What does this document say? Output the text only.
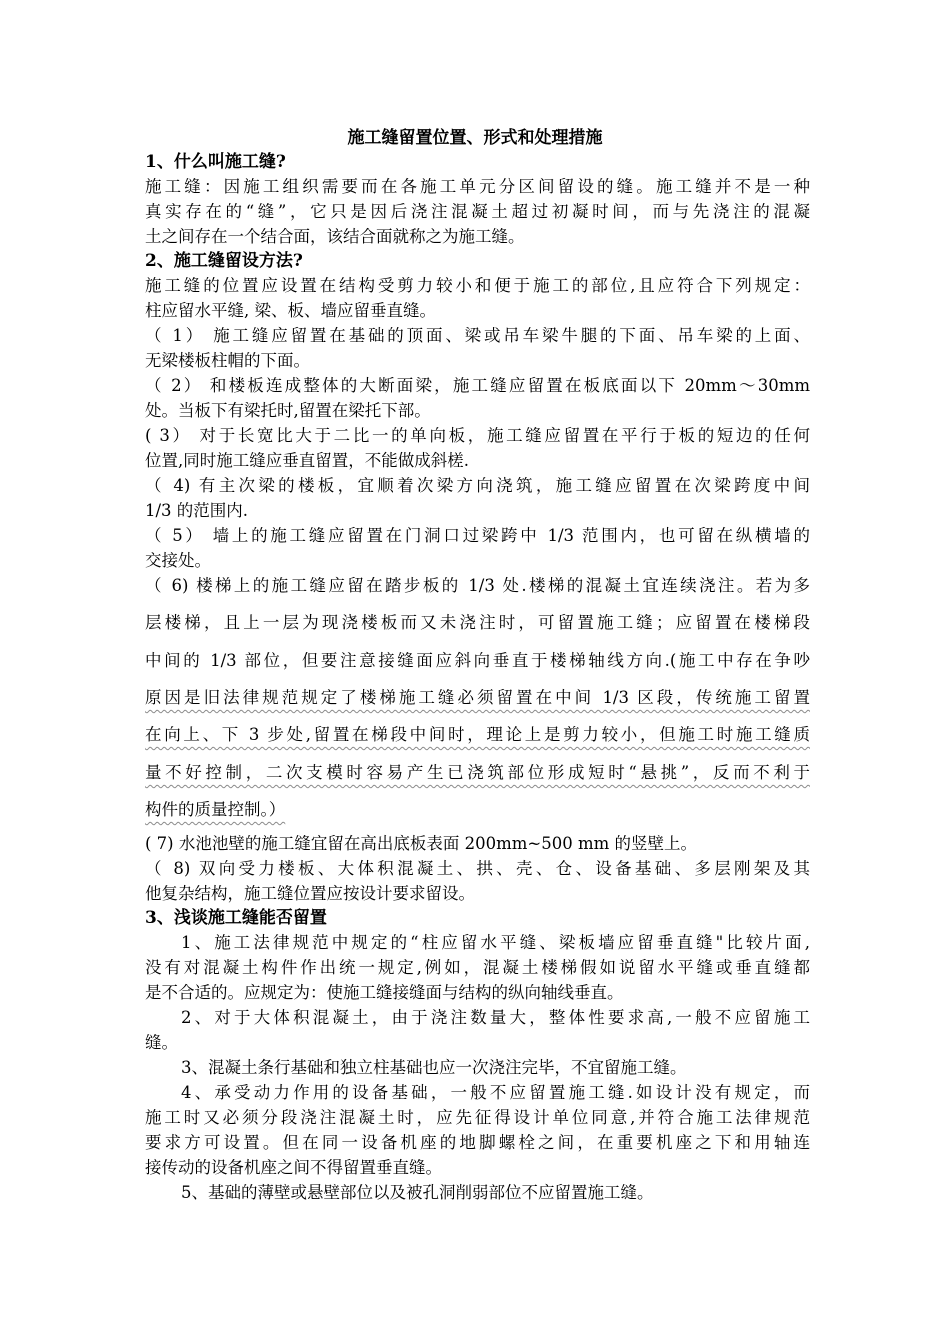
施工缝留置位置、形式和处理措施
1、什么叫施工缝?
施工缝：因施工组织需要而在各施工单元分区间留设的缝。施工缝并不是一种
真实存在的“缝”，它只是因后浇注混凝土超过初凝时间，而与先浇注的混凝
土之间存在一个结合面，该结合面就称之为施工缝。
2、施工缝留设方法?
施工缝的位置应设置在结构受剪力较小和便于施工的部位,且应符合下列规定：
柱应留水平缝, 梁、板、墙应留垂直缝。
（ 1） 施工缝应留置在基础的顶面、梁或吊车梁牛腿的下面、吊车梁的上面、
无梁楼板柱帽的下面。
（ 2） 和楼板连成整体的大断面梁，施工缝应留置在板底面以下 20mm～30mm
处。当板下有梁托时,留置在梁托下部。
( 3） 对于长宽比大于二比一的单向板，施工缝应留置在平行于板的短边的任何
位置,同时施工缝应垂直留置，不能做成斜槎.
（ 4) 有主次梁的楼板，宜顺着次梁方向浇筑，施工缝应留置在次梁跨度中间
1/3 的范围内.
（ 5） 墙上的施工缝应留置在门洞口过梁跨中 1/3 范围内，也可留在纵横墙的
交接处。
（ 6) 楼梯上的施工缝应留在踏步板的 1/3 处.楼梯的混凝土宜连续浇注。若为多
层楼梯，且上一层为现浇楼板而又未浇注时，可留置施工缝；应留置在楼梯段
中间的 1/3 部位，但要注意接缝面应斜向垂直于楼梯轴线方向.(施工中存在争吵
原因是旧法律规范规定了楼梯施工缝必须留置在中间 1/3 区段，传统施工留置
在向上、下 3 步处,留置在梯段中间时，理论上是剪力较小，但施工时施工缝质
量不好控制，二次支模时容易产生已浇筑部位形成短时“悬挑”，反而不利于
构件的质量控制。）
( 7) 水池池壁的施工缝宜留在高出底板表面 200mm~500 mm 的竖壁上。
（ 8) 双向受力楼板、大体积混凝土、拱、壳、仓、设备基础、多层刚架及其
他复杂结构，施工缝位置应按设计要求留设。
3、浅谈施工缝能否留置
1、施工法律规范中规定的“柱应留水平缝、梁板墙应留垂直缝"比较片面,
没有对混凝土构件作出统一规定,例如，混凝土楼梯假如说留水平缝或垂直缝都
是不合适的。应规定为：使施工缝接缝面与结构的纵向轴线垂直。
2、对于大体积混凝土，由于浇注数量大，整体性要求高,一般不应留施工
缝。
3、混凝土条行基础和独立柱基础也应一次浇注完毕，不宜留施工缝。
4、承受动力作用的设备基础，一般不应留置施工缝.如设计没有规定，而
施工时又必须分段浇注混凝土时，应先征得设计单位同意,并符合施工法律规范
要求方可设置。但在同一设备机座的地脚螺栓之间，在重要机座之下和用轴连
接传动的设备机座之间不得留置垂直缝。
5、基础的薄壁或悬壁部位以及被孔洞削弱部位不应留置施工缝。
